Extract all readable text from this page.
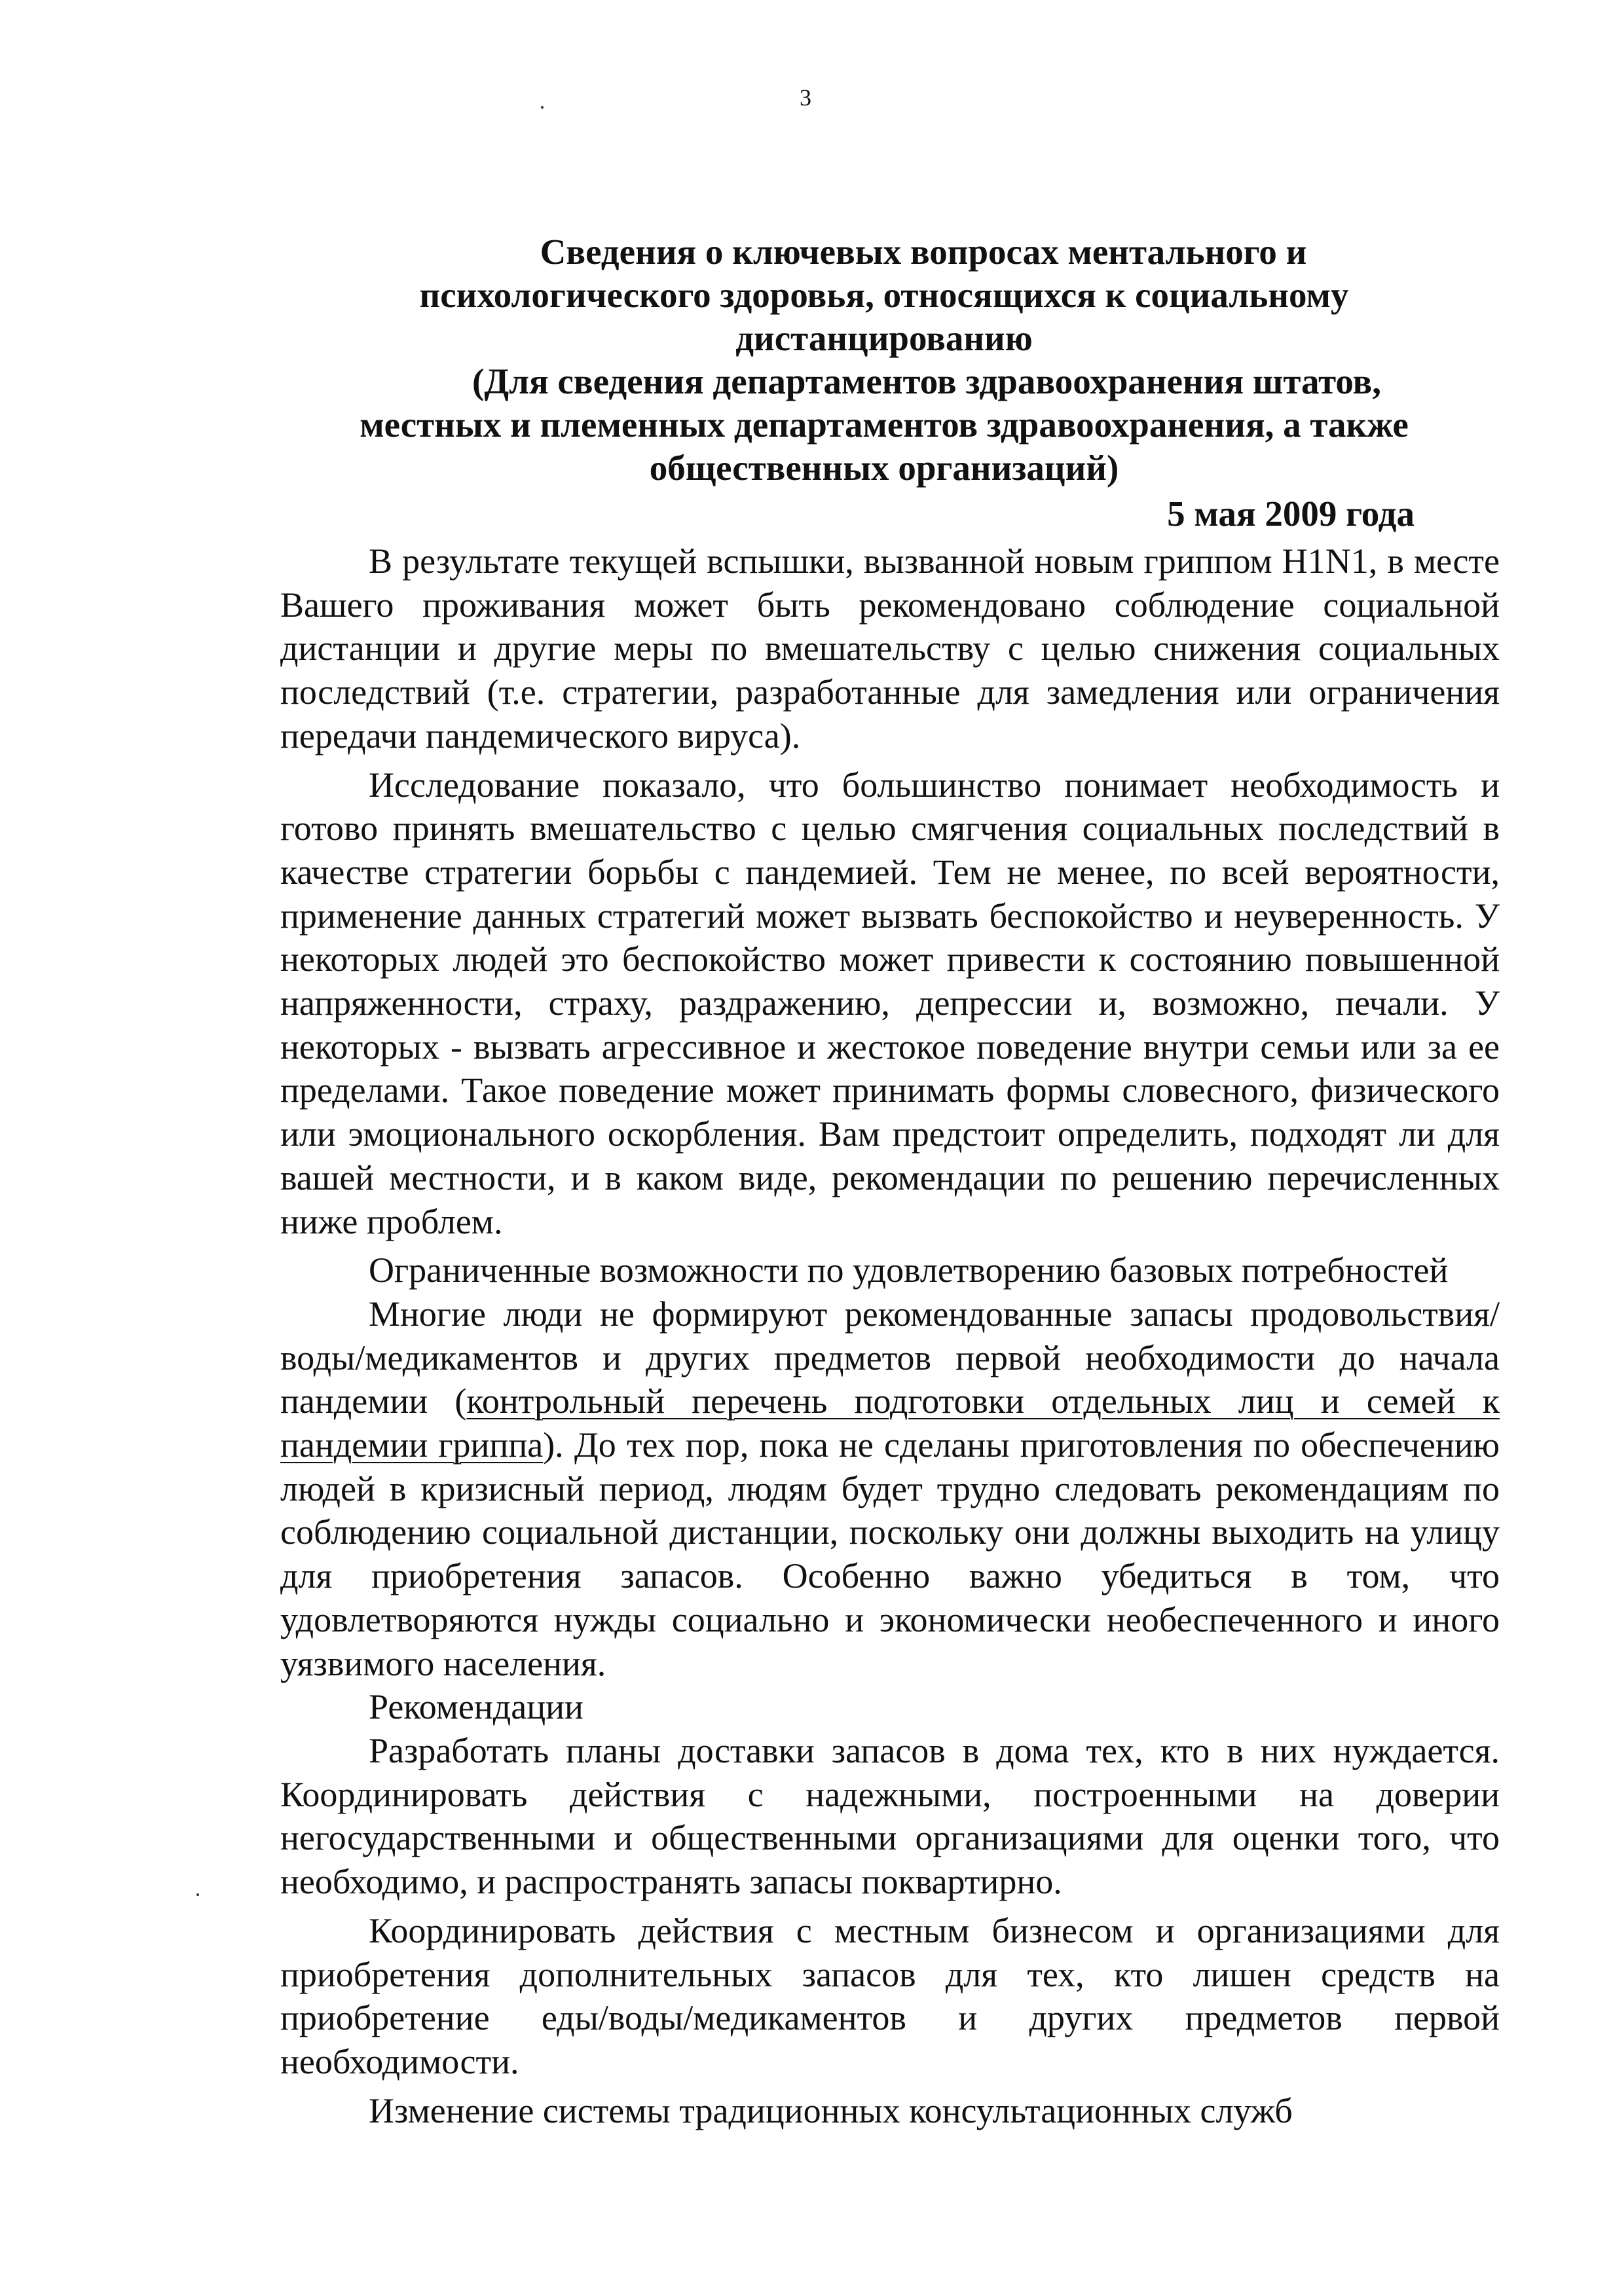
3
Сведения о ключевых вопросах ментального и
психологического здоровья, относящихся к социальному
дистанцированию
(Для сведения департаментов здравоохранения штатов,
местных и племенных департаментов здравоохранения, а также
общественных организаций)
5 мая 2009 года

В результате текущей вспышки, вызванной новым гриппом H1N1, в месте Вашего проживания может быть рекомендовано соблюдение социальной дистанции и другие меры по вмешательству с целью снижения социальных последствий (т.е. стратегии, разработанные для замедления или ограничения передачи пандемического вируса).

Исследование показало, что большинство понимает необходимость и готово принять вмешательство с целью смягчения социальных последствий в качестве стратегии борьбы с пандемией. Тем не менее, по всей вероятности, применение данных стратегий может вызвать беспокойство и неуверенность. У некоторых людей это беспокойство может привести к состоянию повышенной напряженности, страху, раздражению, депрессии и, возможно, печали. У некоторых - вызвать агрессивное и жестокое поведение внутри семьи или за ее пределами. Такое поведение может принимать формы словесного, физического или эмоционального оскорбления. Вам предстоит определить, подходят ли для вашей местности, и в каком виде, рекомендации по решению перечисленных ниже проблем.

Ограниченные возможности по удовлетворению базовых потребностей

Многие люди не формируют рекомендованные запасы продовольствия/воды/медикаментов и других предметов первой необходимости до начала пандемии (контрольный перечень подготовки отдельных лиц и семей к пандемии гриппа). До тех пор, пока не сделаны приготовления по обеспечению людей в кризисный период, людям будет трудно следовать рекомендациям по соблюдению социальной дистанции, поскольку они должны выходить на улицу для приобретения запасов. Особенно важно убедиться в том, что удовлетворяются нужды социально и экономически необеспеченного и иного уязвимого населения.

Рекомендации

Разработать планы доставки запасов в дома тех, кто в них нуждается. Координировать действия с надежными, построенными на доверии негосударственными и общественными организациями для оценки того, что необходимо, и распространять запасы поквартирно.

Координировать действия с местным бизнесом и организациями для приобретения дополнительных запасов для тех, кто лишен средств на приобретение еды/воды/медикаментов и других предметов первой необходимости.

Изменение системы традиционных консультационных служб
